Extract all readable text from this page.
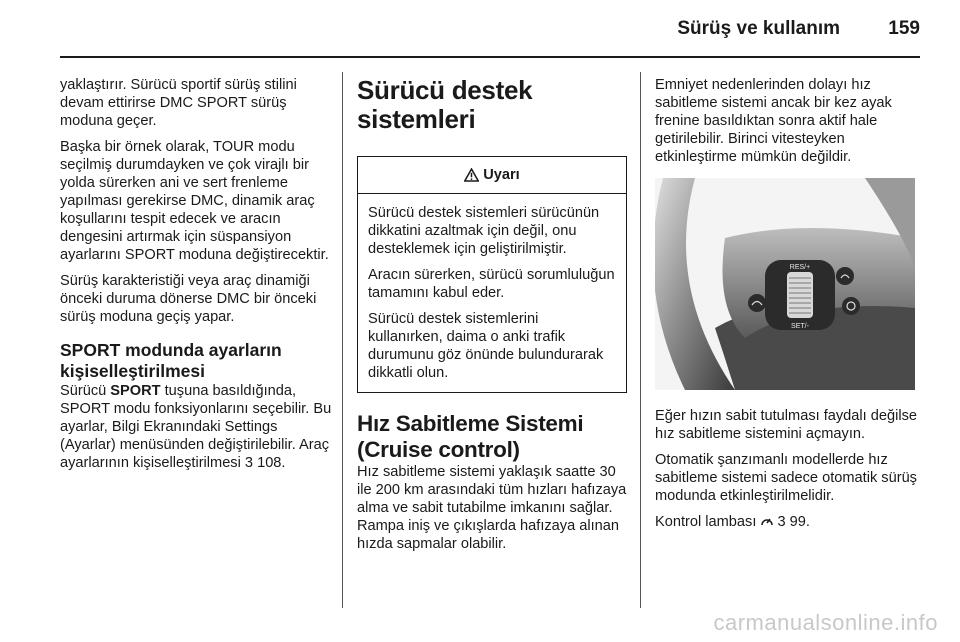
Sürüş ve kullanım	159

yaklaştırır. Sürücü sportif sürüş stilini devam ettirirse DMC SPORT sürüş moduna geçer.

Başka bir örnek olarak, TOUR modu seçilmiş durumdayken ve çok virajlı bir yolda sürerken ani ve sert frenleme yapılması gerekirse DMC, dinamik araç koşullarını tespit edecek ve aracın dengesini artırmak için süspansiyon ayarlarını SPORT moduna değiştirecektir.

Sürüş karakteristiği veya araç dinamiği önceki duruma dönerse DMC bir önceki sürüş moduna geçiş yapar.

SPORT modunda ayarların kişiselleştirilmesi

Sürücü SPORT tuşuna basıldığında, SPORT modu fonksiyonlarını seçebilir. Bu ayarlar, Bilgi Ekranındaki Settings (Ayarlar) menüsünden değiştirilebilir. Araç ayarlarının kişiselleştirilmesi 3 108.

Sürücü destek sistemleri
Uyarı

Sürücü destek sistemleri sürücünün dikkatini azaltmak için değil, onu desteklemek için geliştirilmiştir.

Aracın sürerken, sürücü sorumluluğun tamamını kabul eder.

Sürücü destek sistemlerini kullanırken, daima o anki trafik durumunu göz önünde bulundurarak dikkatli olun.

Hız Sabitleme Sistemi (Cruise control)

Hız sabitleme sistemi yaklaşık saatte 30 ile 200 km arasındaki tüm hızları hafızaya alma ve sabit tutabilme imkanını sağlar. Rampa iniş ve çıkışlarda hafızaya alınan hızda sapmalar olabilir.

Emniyet nedenlerinden dolayı hız sabitleme sistemi ancak bir kez ayak frenine basıldıktan sonra aktif hale getirilebilir. Birinci vitesteyken etkinleştirme mümkün değildir.

RES/+
SET/-

Eğer hızın sabit tutulması faydalı değilse hız sabitleme sistemini açmayın.

Otomatik şanzımanlı modellerde hız sabitleme sistemi sadece otomatik sürüş modunda etkinleştirilmelidir.

Kontrol lambası 3 99.

carmanualsonline.info
